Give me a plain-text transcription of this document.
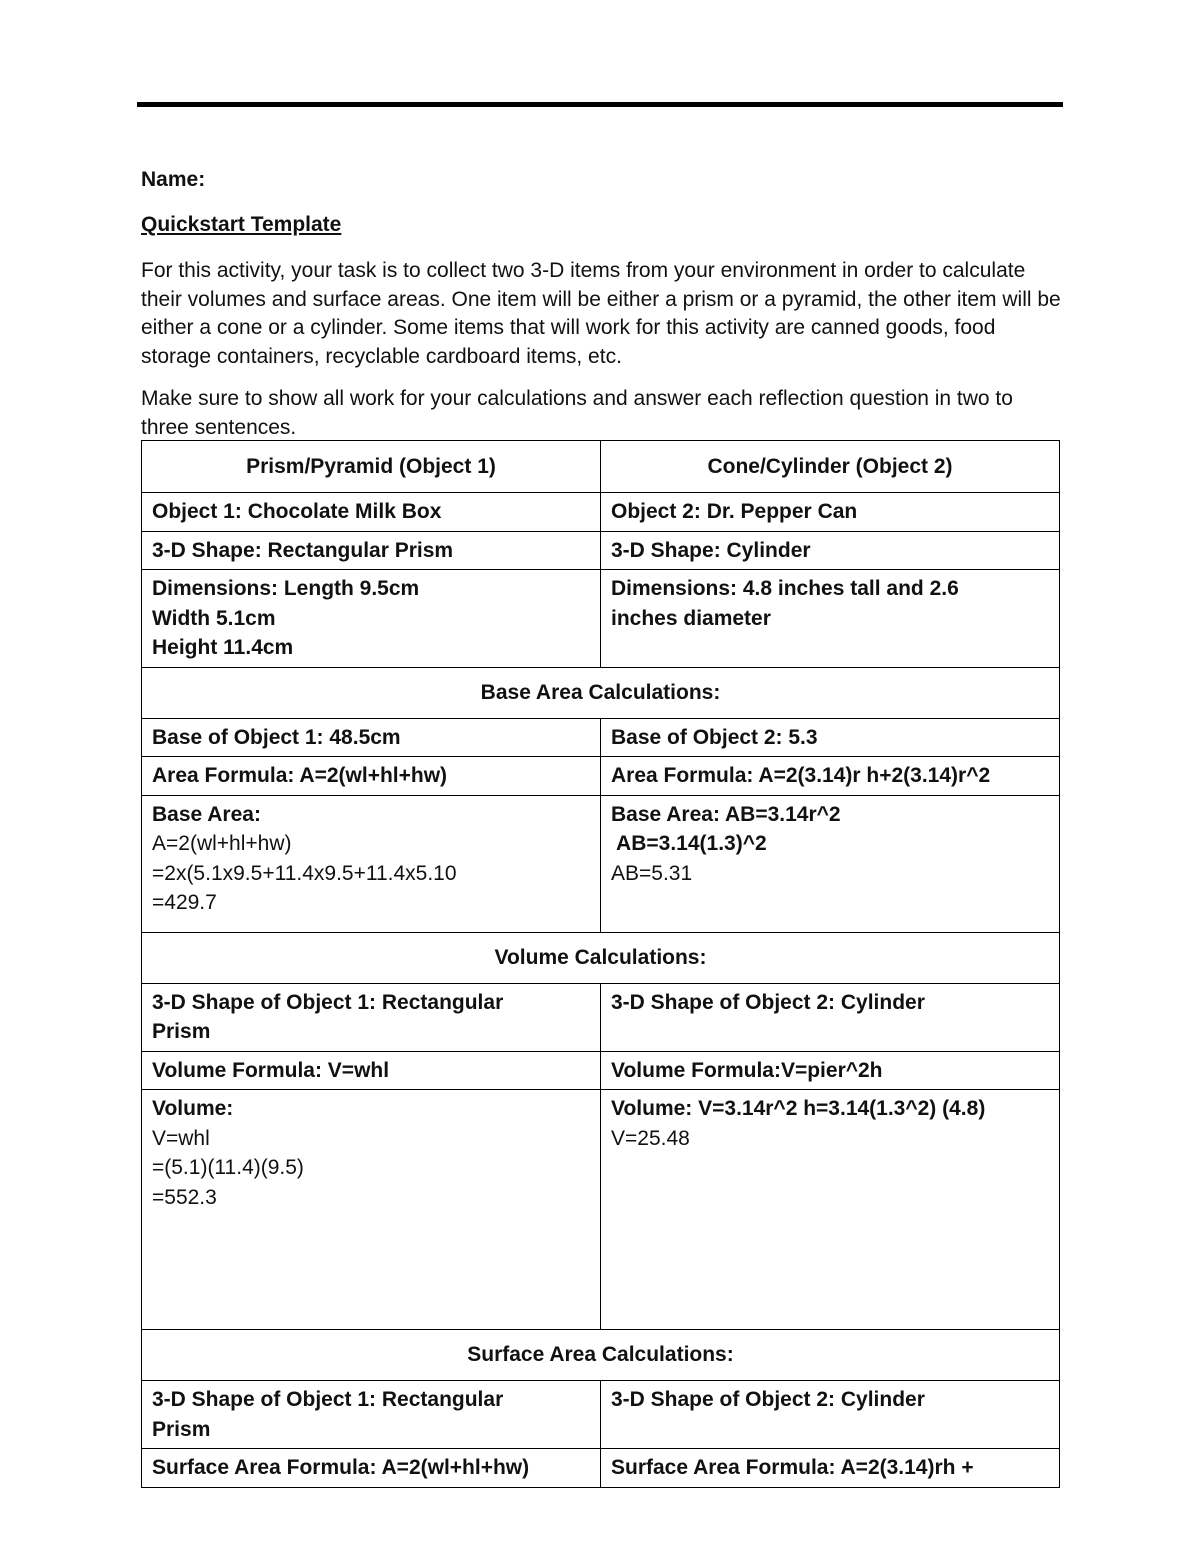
Name:
Quickstart Template
For this activity, your task is to collect two 3-D items from your environment in order to calculate their volumes and surface areas. One item will be either a prism or a pyramid, the other item will be either a cone or a cylinder. Some items that will work for this activity are canned goods, food storage containers, recyclable cardboard items, etc.
Make sure to show all work for your calculations and answer each reflection question in two to three sentences.
Prism/Pyramid (Object 1)	Cone/Cylinder (Object 2)

Object 1: Chocolate Milk Box	Object 2: Dr. Pepper Can

3-D Shape: Rectangular Prism	3-D Shape: Cylinder

Dimensions: Length 9.5cm
Width 5.1cm
Height 11.4cm	Dimensions: 4.8 inches tall and 2.6
inches diameter

Base Area Calculations:	

Base of Object 1: 48.5cm	Base of Object 2: 5.3

Area Formula: A=2(wl+hl+hw)	Area Formula: A=2(3.14)r h+2(3.14)r^2

Base Area:
A=2(wl+hl+hw)
=2x(5.1x9.5+11.4x9.5+11.4x5.10
=429.7	Base Area: AB=3.14r^2
AB=3.14(1.3)^2
AB=5.31

Volume Calculations:	

3-D Shape of Object 1: Rectangular
Prism	3-D Shape of Object 2: Cylinder

Volume Formula: V=whl	Volume Formula:V=pier^2h

Volume:
V=whl
=(5.1)(11.4)(9.5)
=552.3	Volume: V=3.14r^2 h=3.14(1.3^2) (4.8)
V=25.48

Surface Area Calculations:	

3-D Shape of Object 1: Rectangular
Prism	3-D Shape of Object 2: Cylinder

Surface Area Formula: A=2(wl+hl+hw)	Surface Area Formula: A=2(3.14)rh +
